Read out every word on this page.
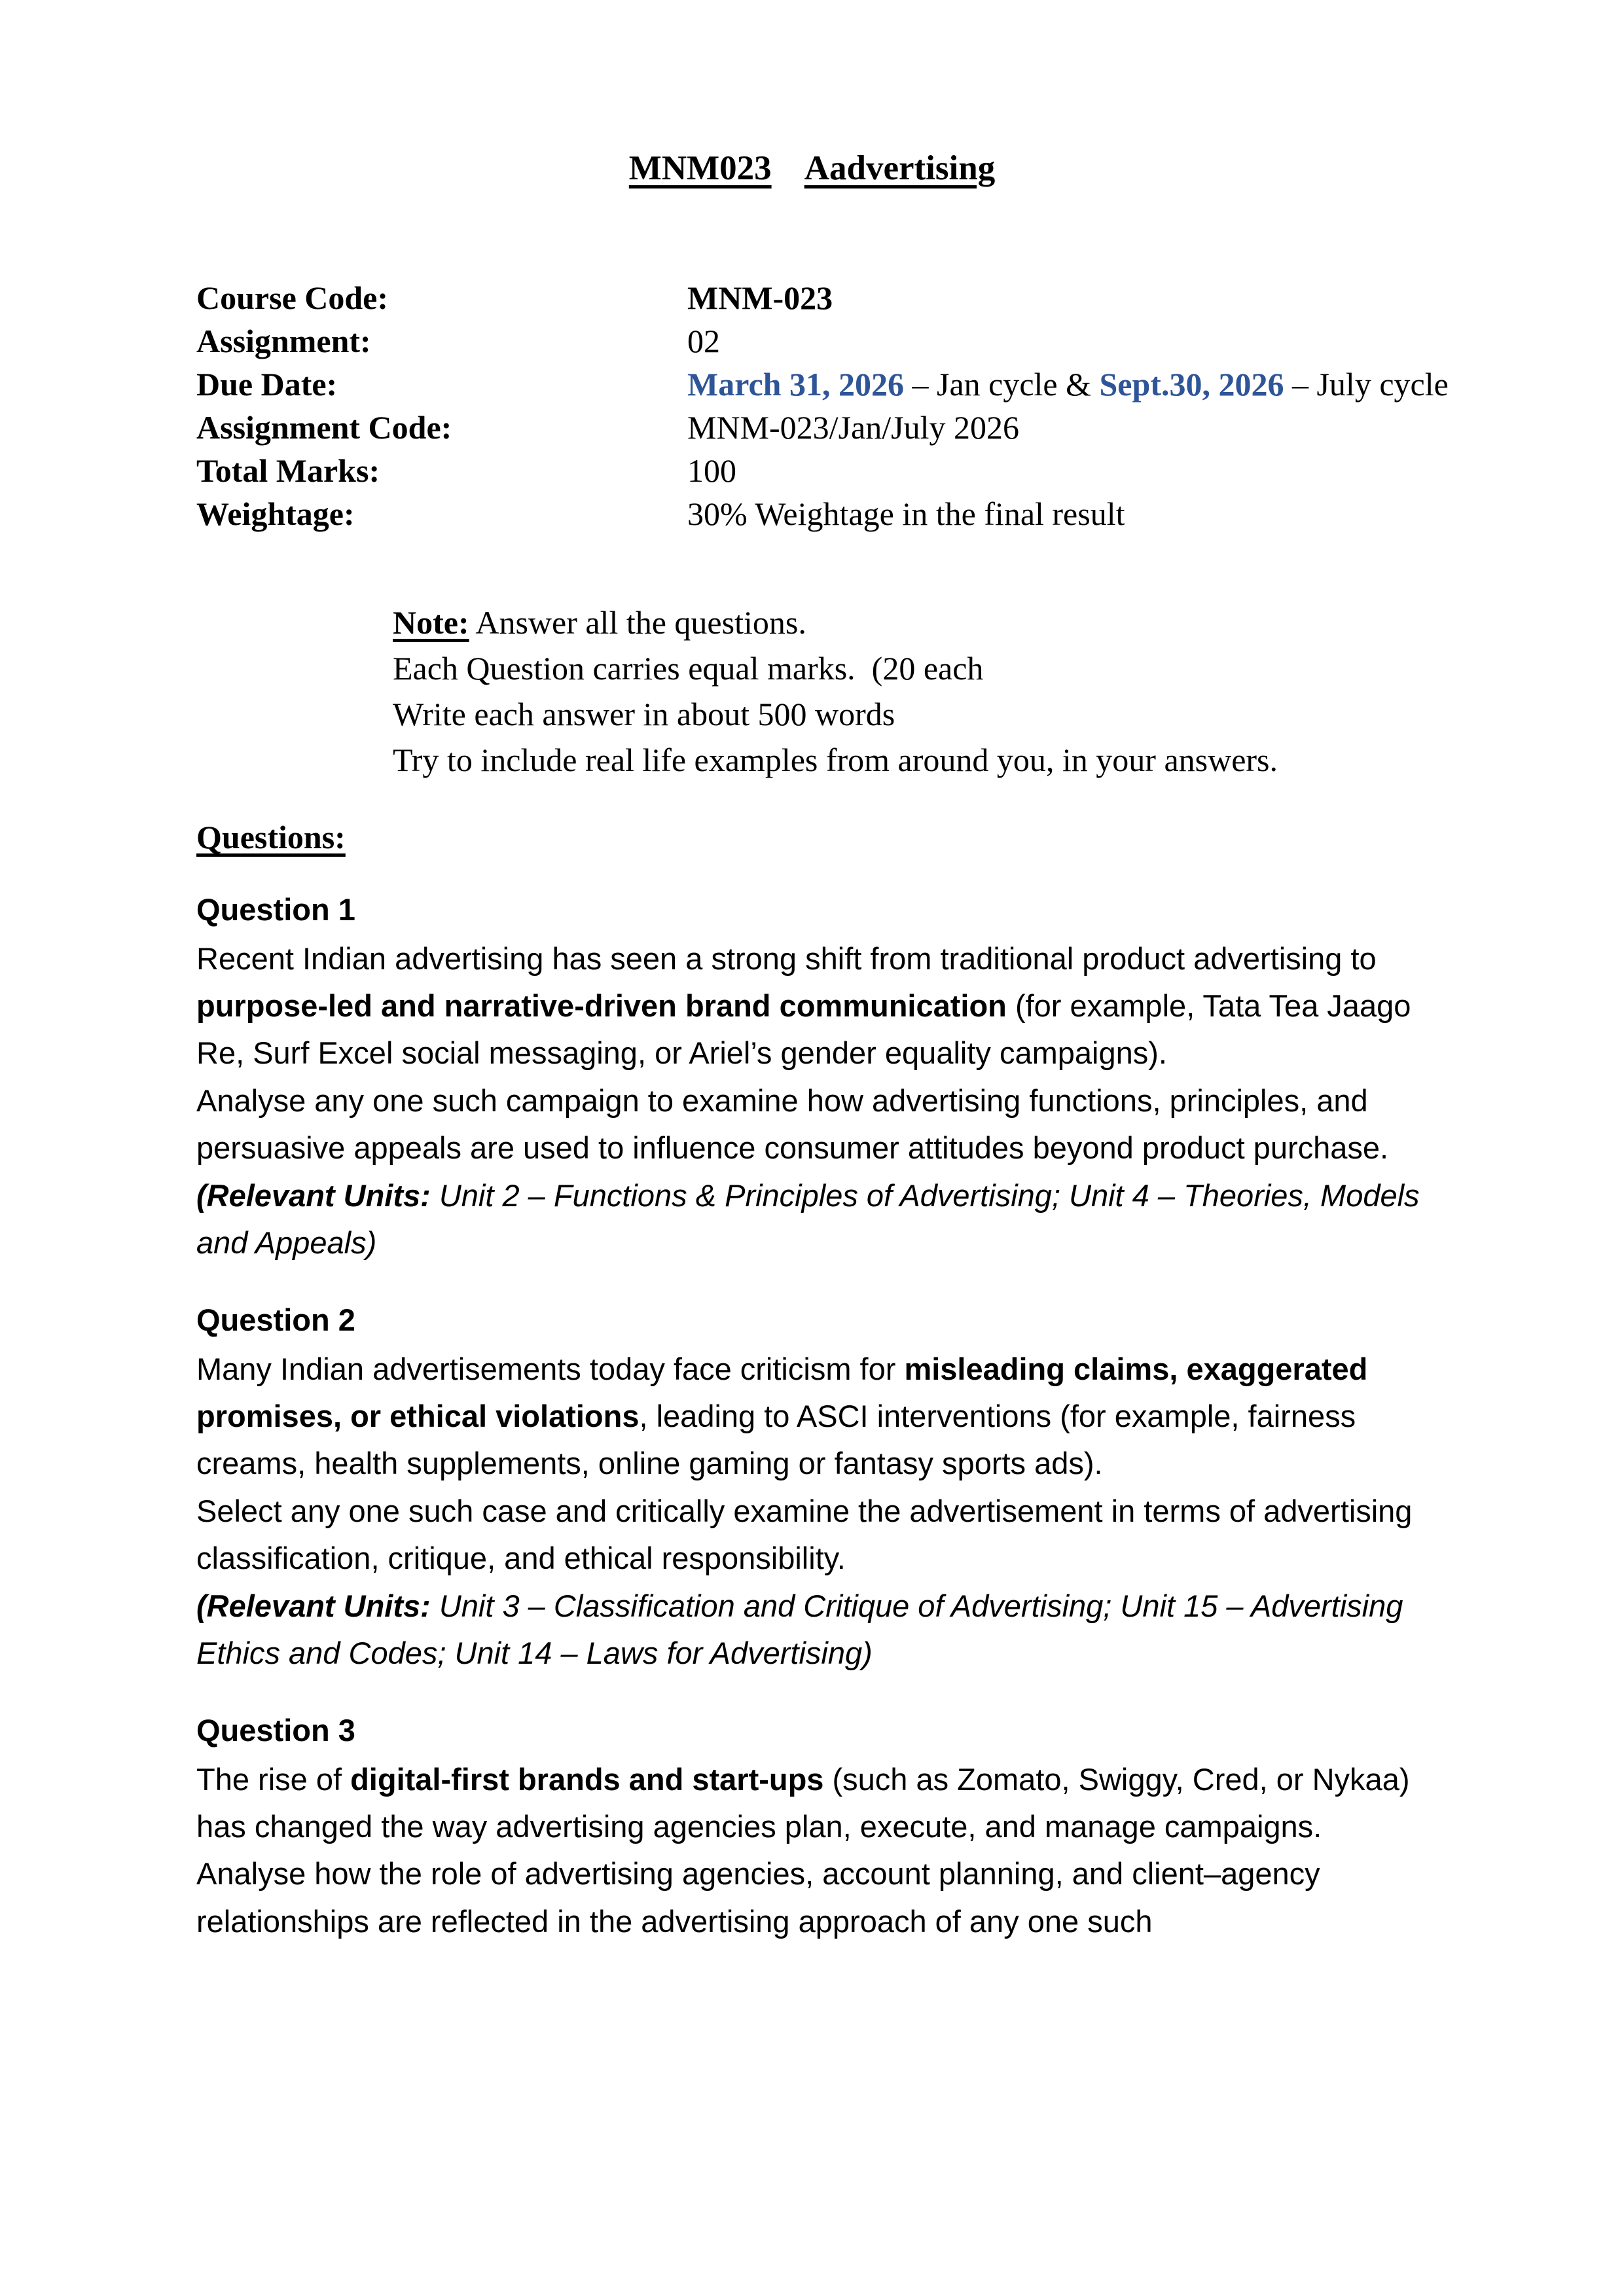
MNM023 Aadvertising
Course Code:	MNM-023
Assignment:	02
Due Date:	March 31, 2026 – Jan cycle & Sept.30, 2026 – July cycle
Assignment Code:	MNM-023/Jan/July 2026
Total Marks:	100
Weightage:	30% Weightage in the final result
Note: Answer all the questions.
Each Question carries equal marks.  (20 each
Write each answer in about 500 words
Try to include real life examples from around you, in your answers.
Questions:
Question 1

Recent Indian advertising has seen a strong shift from traditional product advertising to purpose-led and narrative-driven brand communication (for example, Tata Tea Jaago Re, Surf Excel social messaging, or Ariel’s gender equality campaigns).

Analyse any one such campaign to examine how advertising functions, principles, and persuasive appeals are used to influence consumer attitudes beyond product purchase.

(Relevant Units: Unit 2 – Functions & Principles of Advertising; Unit 4 – Theories, Models and Appeals)

Question 2

Many Indian advertisements today face criticism for misleading claims, exaggerated promises, or ethical violations, leading to ASCI interventions (for example, fairness creams, health supplements, online gaming or fantasy sports ads).

Select any one such case and critically examine the advertisement in terms of advertising classification, critique, and ethical responsibility.

(Relevant Units: Unit 3 – Classification and Critique of Advertising; Unit 15 – Advertising Ethics and Codes; Unit 14 – Laws for Advertising)

Question 3

The rise of digital-first brands and start-ups (such as Zomato, Swiggy, Cred, or Nykaa) has changed the way advertising agencies plan, execute, and manage campaigns.

Analyse how the role of advertising agencies, account planning, and client–agency relationships are reflected in the advertising approach of any one such
